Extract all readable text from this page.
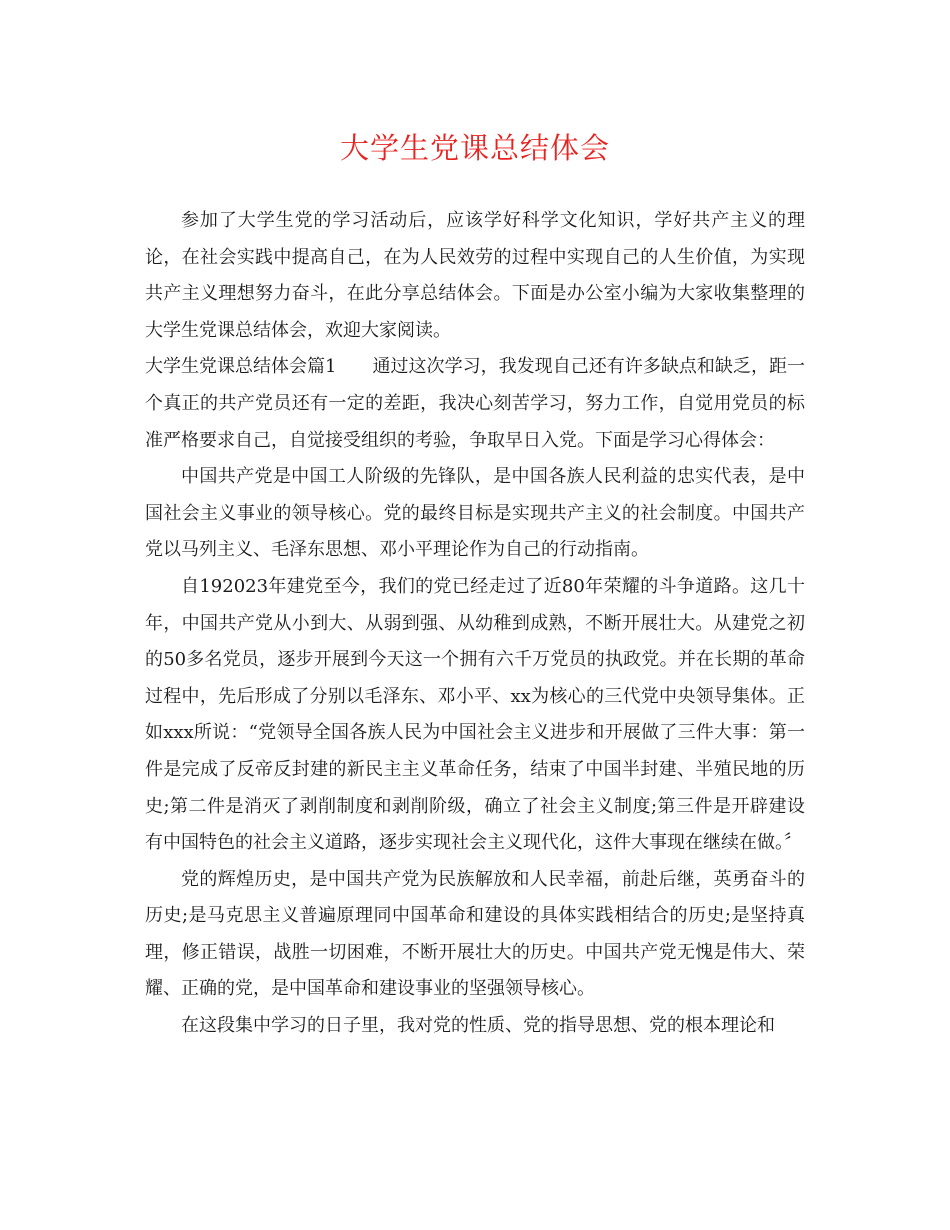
大学生党课总结体会

参加了大学生党的学习活动后，应该学好科学文化知识，学好共产主义的理论，在社会实践中提高自己，在为人民效劳的过程中实现自己的人生价值，为实现共产主义理想努力奋斗，在此分享总结体会。下面是办公室小编为大家收集整理的大学生党课总结体会，欢迎大家阅读。

大学生党课总结体会篇1 通过这次学习，我发现自己还有许多缺点和缺乏，距一个真正的共产党员还有一定的差距，我决心刻苦学习，努力工作，自觉用党员的标准严格要求自己，自觉接受组织的考验，争取早日入党。下面是学习心得体会：

中国共产党是中国工人阶级的先锋队，是中国各族人民利益的忠实代表，是中国社会主义事业的领导核心。党的最终目标是实现共产主义的社会制度。中国共产党以马列主义、毛泽东思想、邓小平理论作为自己的行动指南。

自192023年建党至今，我们的党已经走过了近80年荣耀的斗争道路。这几十年，中国共产党从小到大、从弱到强、从幼稚到成熟，不断开展壮大。从建党之初的50多名党员，逐步开展到今天这一个拥有六千万党员的执政党。并在长期的革命过程中，先后形成了分别以毛泽东、邓小平、xx为核心的三代党中央领导集体。正如xxx所说：“党领导全国各族人民为中国社会主义进步和开展做了三件大事：第一件是完成了反帝反封建的新民主主义革命任务，结束了中国半封建、半殖民地的历史;第二件是消灭了剥削制度和剥削阶级，确立了社会主义制度;第三件是开辟建设有中国特色的社会主义道路，逐步实现社会主义现代化，这件大事现在继续在做。〞

党的辉煌历史，是中国共产党为民族解放和人民幸福，前赴后继，英勇奋斗的历史;是马克思主义普遍原理同中国革命和建设的具体实践相结合的历史;是坚持真理，修正错误，战胜一切困难，不断开展壮大的历史。中国共产党无愧是伟大、荣耀、正确的党，是中国革命和建设事业的坚强领导核心。

在这段集中学习的日子里，我对党的性质、党的指导思想、党的根本理论和
